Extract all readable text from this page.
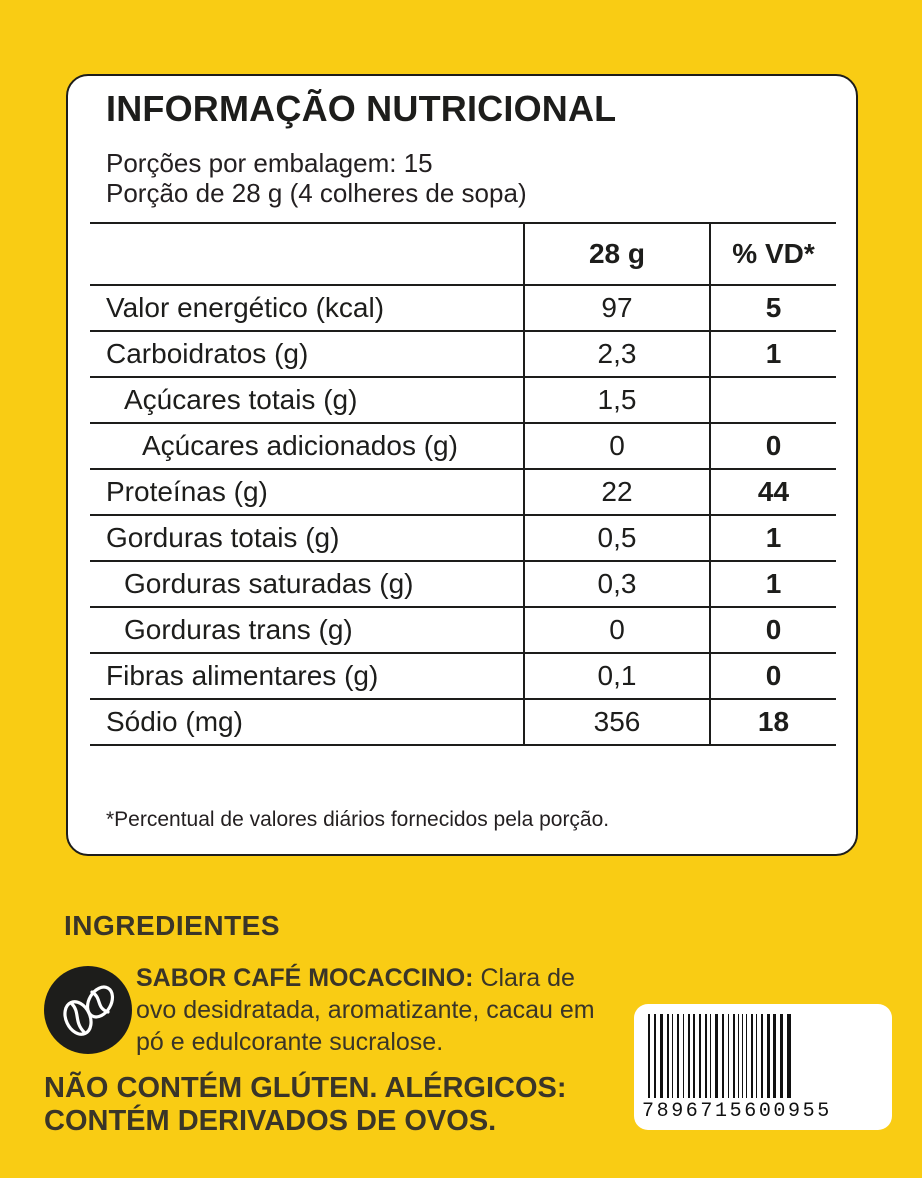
INFORMAÇÃO NUTRICIONAL
Porções por embalagem: 15
Porção de 28 g (4 colheres de sopa)
	28 g	% VD*
Valor energético (kcal)	97	5
Carboidratos (g)	2,3	1
Açúcares totais (g)	1,5	
Açúcares adicionados (g)	0	0
Proteínas (g)	22	44
Gorduras totais (g)	0,5	1
Gorduras saturadas (g)	0,3	1
Gorduras trans (g)	0	0
Fibras alimentares (g)	0,1	0
Sódio (mg)	356	18
*Percentual de valores diários fornecidos pela porção.
INGREDIENTES
SABOR CAFÉ MOCACCINO: Clara de ovo desidratada, aromatizante, cacau em pó e edulcorante sucralose.
NÃO CONTÉM GLÚTEN. ALÉRGICOS:
CONTÉM DERIVADOS DE OVOS.	7896715600955
